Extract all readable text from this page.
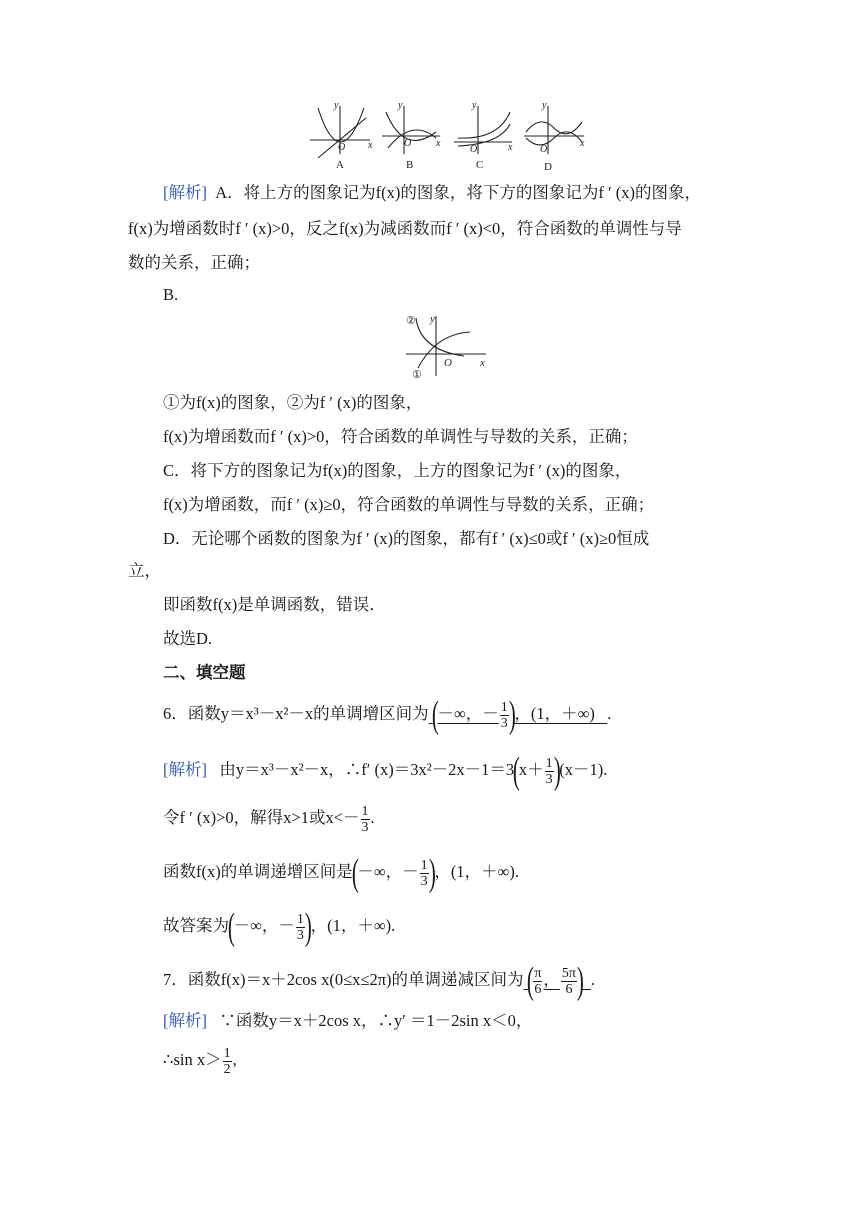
y
x
O
y
x
O
y
x
O
y
x
O
A	B	C	D
[解析] A．将上方的图象记为f(x)的图象，将下方的图象记为f ′ (x)的图象，
f(x)为增函数时f ′ (x)>0，反之f(x)为减函数而f ′ (x)<0，符合函数的单调性与导
数的关系，正确；
B.
②
①
y
x
O
①为f(x)的图象，②为f ′ (x)的图象，
f(x)为增函数而f ′ (x)>0，符合函数的单调性与导数的关系，正确；
C．将下方的图象记为f(x)的图象，上方的图象记为f ′ (x)的图象，
f(x)为增函数，而f ′ (x)≥0，符合函数的单调性与导数的关系，正确；
D．无论哪个函数的图象为f ′ (x)的图象，都有f ′ (x)≤0或f ′ (x)≥0恒成
立，
即函数f(x)是单调函数，错误．
故选D.
二、填空题
6．函数y＝x³－x²－x的单调增区间为 (－∞，－ $\frac{1}{3}$ )，(1，＋∞) .
[解析] 由y＝x³－x²－x，∴f′ $(x)=3x^2-2x-1=3(x+ \frac{1}{3} )(x-1)$.
令f ′ (x)>0，解得x>1或$x<- \frac{1}{3}$ .
函数f(x)的单调递增区间是(－∞，－ $\frac{1}{3}$ )，(1，＋∞).
故答案为(－∞，－ $\frac{1}{3}$ )，(1，＋∞).
7．函数f(x)＝x＋2cos x(0≤x≤2π)的单调递减区间为 ( $\frac{\pi}{6}$ ， $\frac{5\pi}{6}$ ) .
[解析] ∵函数y＝x＋2cos x，∴y′ ＝1－2sin x＜0，
∴sin $x> \frac{1}{2}$ ,
